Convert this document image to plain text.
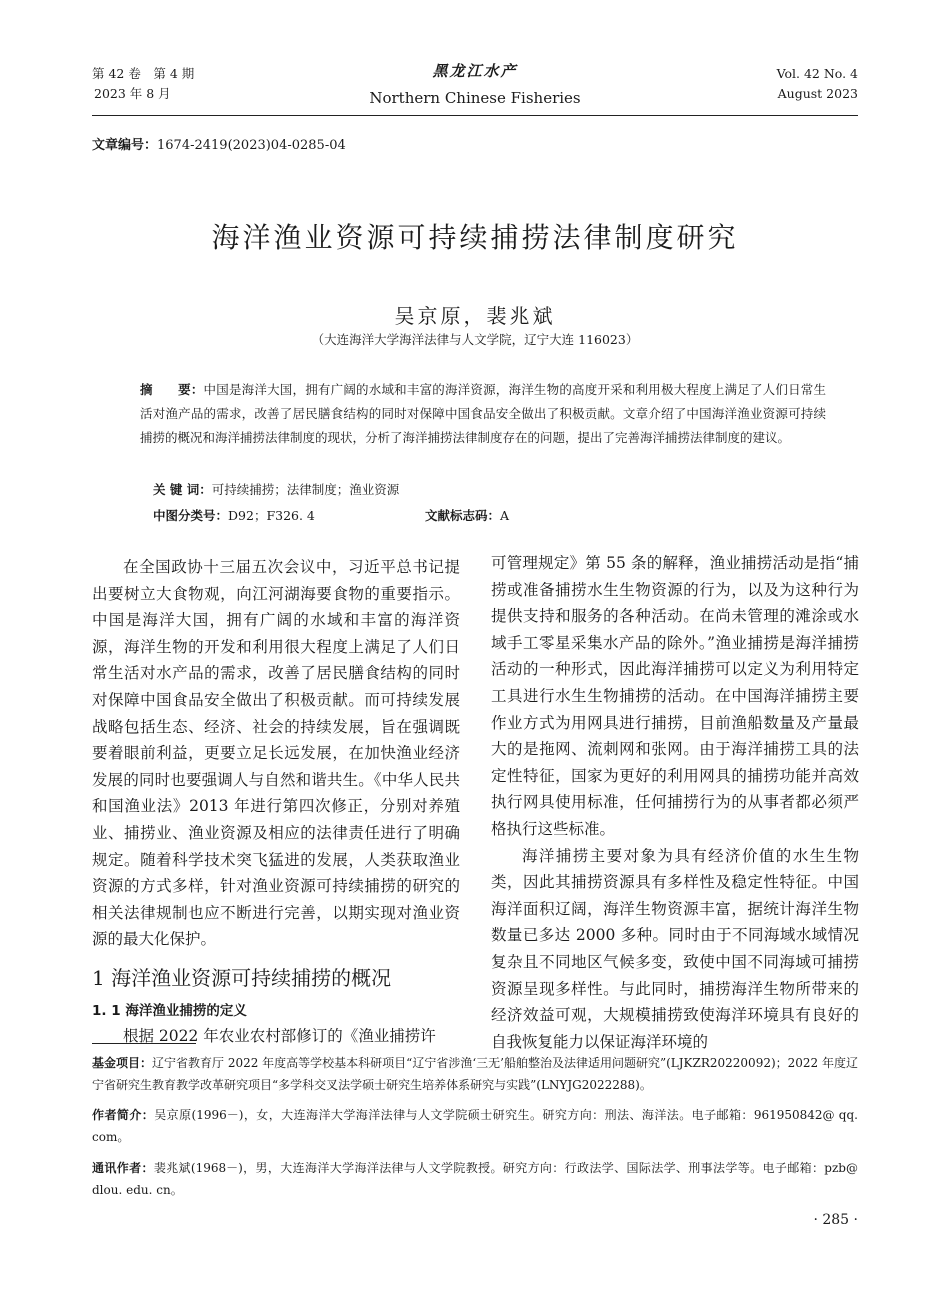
第 42 卷　第 4 期
2023 年 8 月
黑龙江水产
Northern Chinese Fisheries
Vol. 42 No. 4
August 2023
文章编号：1674-2419(2023)04-0285-04
海洋渔业资源可持续捕捞法律制度研究
吴京原，裴兆斌
（大连海洋大学海洋法律与人文学院，辽宁大连 116023）
摘　　要：中国是海洋大国，拥有广阔的水域和丰富的海洋资源，海洋生物的高度开采和利用极大程度上满足了人们日常生活对渔产品的需求，改善了居民膳食结构的同时对保障中国食品安全做出了积极贡献。文章介绍了中国海洋渔业资源可持续捕捞的概况和海洋捕捞法律制度的现状，分析了海洋捕捞法律制度存在的问题，提出了完善海洋捕捞法律制度的建议。
关 键 词：可持续捕捞；法律制度；渔业资源
中图分类号：D92；F326. 4	文献标志码：A

在全国政协十三届五次会议中，习近平总书记提出要树立大食物观，向江河湖海要食物的重要指示。中国是海洋大国，拥有广阔的水域和丰富的海洋资源，海洋生物的开发和利用很大程度上满足了人们日常生活对水产品的需求，改善了居民膳食结构的同时对保障中国食品安全做出了积极贡献。而可持续发展战略包括生态、经济、社会的持续发展，旨在强调既要着眼前利益，更要立足长远发展，在加快渔业经济发展的同时也要强调人与自然和谐共生。《中华人民共和国渔业法》2013 年进行第四次修正，分别对养殖业、捕捞业、渔业资源及相应的法律责任进行了明确规定。随着科学技术突飞猛进的发展，人类获取渔业资源的方式多样，针对渔业资源可持续捕捞的研究的相关法律规制也应不断进行完善，以期实现对渔业资源的最大化保护。

1 海洋渔业资源可持续捕捞的概况
1. 1 海洋渔业捕捞的定义

根据 2022 年农业农村部修订的《渔业捕捞许

可管理规定》第 55 条的解释，渔业捕捞活动是指“捕捞或准备捕捞水生生物资源的行为，以及为这种行为提供支持和服务的各种活动。在尚未管理的滩涂或水域手工零星采集水产品的除外。”渔业捕捞是海洋捕捞活动的一种形式，因此海洋捕捞可以定义为利用特定工具进行水生生物捕捞的活动。在中国海洋捕捞主要作业方式为用网具进行捕捞，目前渔船数量及产量最大的是拖网、流刺网和张网。由于海洋捕捞工具的法定性特征，国家为更好的利用网具的捕捞功能并高效执行网具使用标准，任何捕捞行为的从事者都必须严格执行这些标准。

海洋捕捞主要对象为具有经济价值的水生生物类，因此其捕捞资源具有多样性及稳定性特征。中国海洋面积辽阔，海洋生物资源丰富，据统计海洋生物数量已多达 2000 多种。同时由于不同海域水域情况复杂且不同地区气候多变，致使中国不同海域可捕捞资源呈现多样性。与此同时，捕捞海洋生物所带来的经济效益可观，大规模捕捞致使海洋环境具有良好的自我恢复能力以保证海洋环境的

基金项目：辽宁省教育厅 2022 年度高等学校基本科研项目“辽宁省涉渔‘三无’船舶整治及法律适用问题研究”(LJKZR20220092)；2022 年度辽宁省研究生教育教学改革研究项目“多学科交叉法学硕士研究生培养体系研究与实践”(LNYJG2022288)。
作者简介：吴京原(1996－)，女，大连海洋大学海洋法律与人文学院硕士研究生。研究方向：刑法、海洋法。电子邮箱：961950842@ qq. com。
通讯作者：裴兆斌(1968－)，男，大连海洋大学海洋法律与人文学院教授。研究方向：行政法学、国际法学、刑事法学等。电子邮箱：pzb@ dlou. edu. cn。
· 285 ·
